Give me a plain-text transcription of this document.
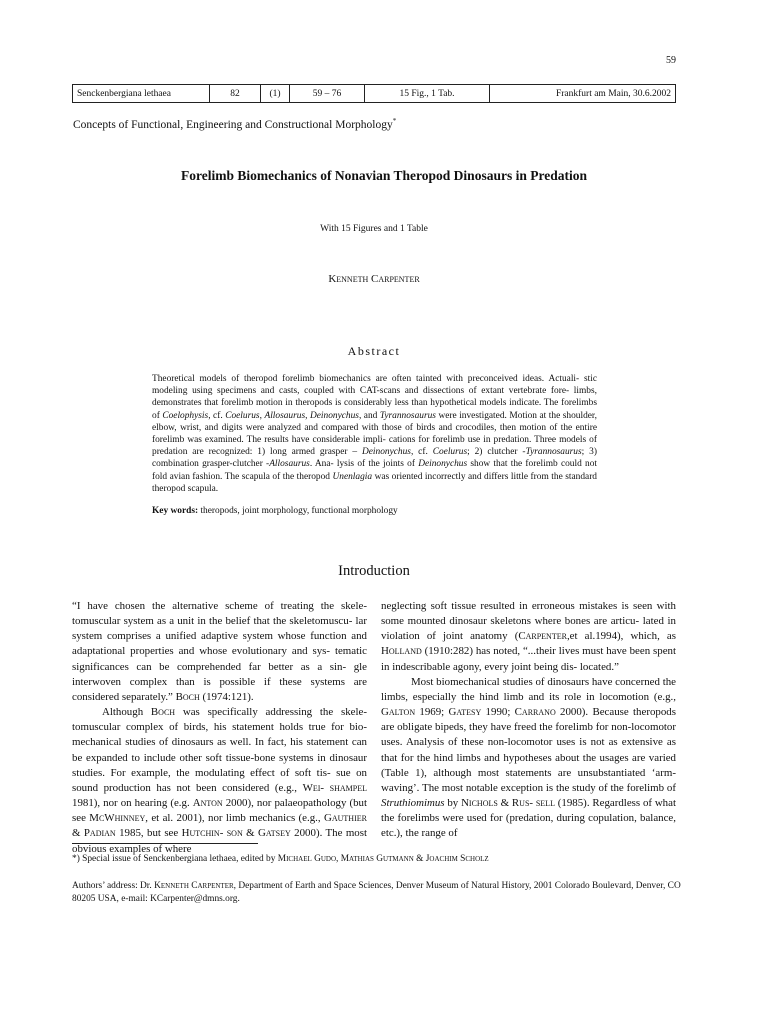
59
Senckenbergiana lethaea	82	(1)	59 – 76	15 Fig., 1 Tab.	Frankfurt am Main, 30.6.2002
Concepts of Functional, Engineering and Constructional Morphology*
Forelimb Biomechanics of Nonavian Theropod Dinosaurs in Predation
With 15 Figures and 1 Table
Kenneth Carpenter
Abstract
Theoretical models of theropod forelimb biomechanics are often tainted with preconceived ideas. Actuali- stic modeling using specimens and casts, coupled with CAT-scans and dissections of extant vertebrate fore- limbs, demonstrates that forelimb motion in theropods is considerably less than hypothetical models indicate. The forelimbs of Coelophysis, cf. Coelurus, Allosaurus, Deinonychus, and Tyrannosaurus were investigated. Motion at the shoulder, elbow, wrist, and digits were analyzed and compared with those of birds and crocodiles, then motion of the entire forelimb was examined. The results have considerable impli- cations for forelimb use in predation. Three models of predation are recognized: 1) long armed grasper – Deinonychus, cf. Coelurus; 2) clutcher -Tyrannosaurus; 3) combination grasper-clutcher -Allosaurus. Ana- lysis of the joints of Deinonychus show that the forelimb could not fold avian fashion. The scapula of the theropod Unenlagia was oriented incorrectly and differs little from the standard theropod scapula.
Key words: theropods, joint morphology, functional morphology
Introduction

“I have chosen the alternative scheme of treating the skele- tomuscular system as a unit in the belief that the skeletomuscu- lar system comprises a unified adaptive system whose function and adaptational properties and whose evolutionary and sys- tematic significances can be comprehended far better as a sin- gle interwoven complex than is possible if these systems are considered separately.” Boch (1974:121).

Although Boch was specifically addressing the skele- tomuscular complex of birds, his statement holds true for bio- mechanical studies of dinosaurs as well. In fact, his statement can be expanded to include other soft tissue-bone systems in dinosaur studies. For example, the modulating effect of soft tis- sue on sound production has not been considered (e.g., Wei- shampel 1981), nor on hearing (e.g. Anton 2000), nor palaeopathology (but see McWhinney, et al. 2001), nor limb mechanics (e.g., Gauthier & Padian 1985, but see Hutchin- son & Gatsey 2000). The most obvious examples of where

neglecting soft tissue resulted in erroneous mistakes is seen with some mounted dinosaur skeletons where bones are articu- lated in violation of joint anatomy (Carpenter,et al.1994), which, as Holland (1910:282) has noted, “...their lives must have been spent in indescribable agony, every joint being dis- located.”

Most biomechanical studies of dinosaurs have concerned the limbs, especially the hind limb and its role in locomotion (e.g., Galton 1969; Gatesy 1990; Carrano 2000). Because theropods are obligate bipeds, they have freed the forelimb for non-locomotor uses. Analysis of these non-locomotor uses is not as extensive as that for the hind limbs and hypotheses about the usages are varied (Table 1), although most statements are unsubstantiated ‘arm-waving’. The most notable exception is the study of the forelimb of Struthiomimus by Nichols & Rus- sell (1985). Regardless of what the forelimbs were used for (predation, during copulation, balance, etc.), the range of

*) Special issue of Senckenbergiana lethaea, edited by Michael Gudo, Mathias Gutmann & Joachim Scholz
Authors’ address: Dr. Kenneth Carpenter, Department of Earth and Space Sciences, Denver Museum of Natural History, 2001 Colorado Boulevard, Denver, CO 80205 USA, e-mail: KCarpenter@dmns.org.
